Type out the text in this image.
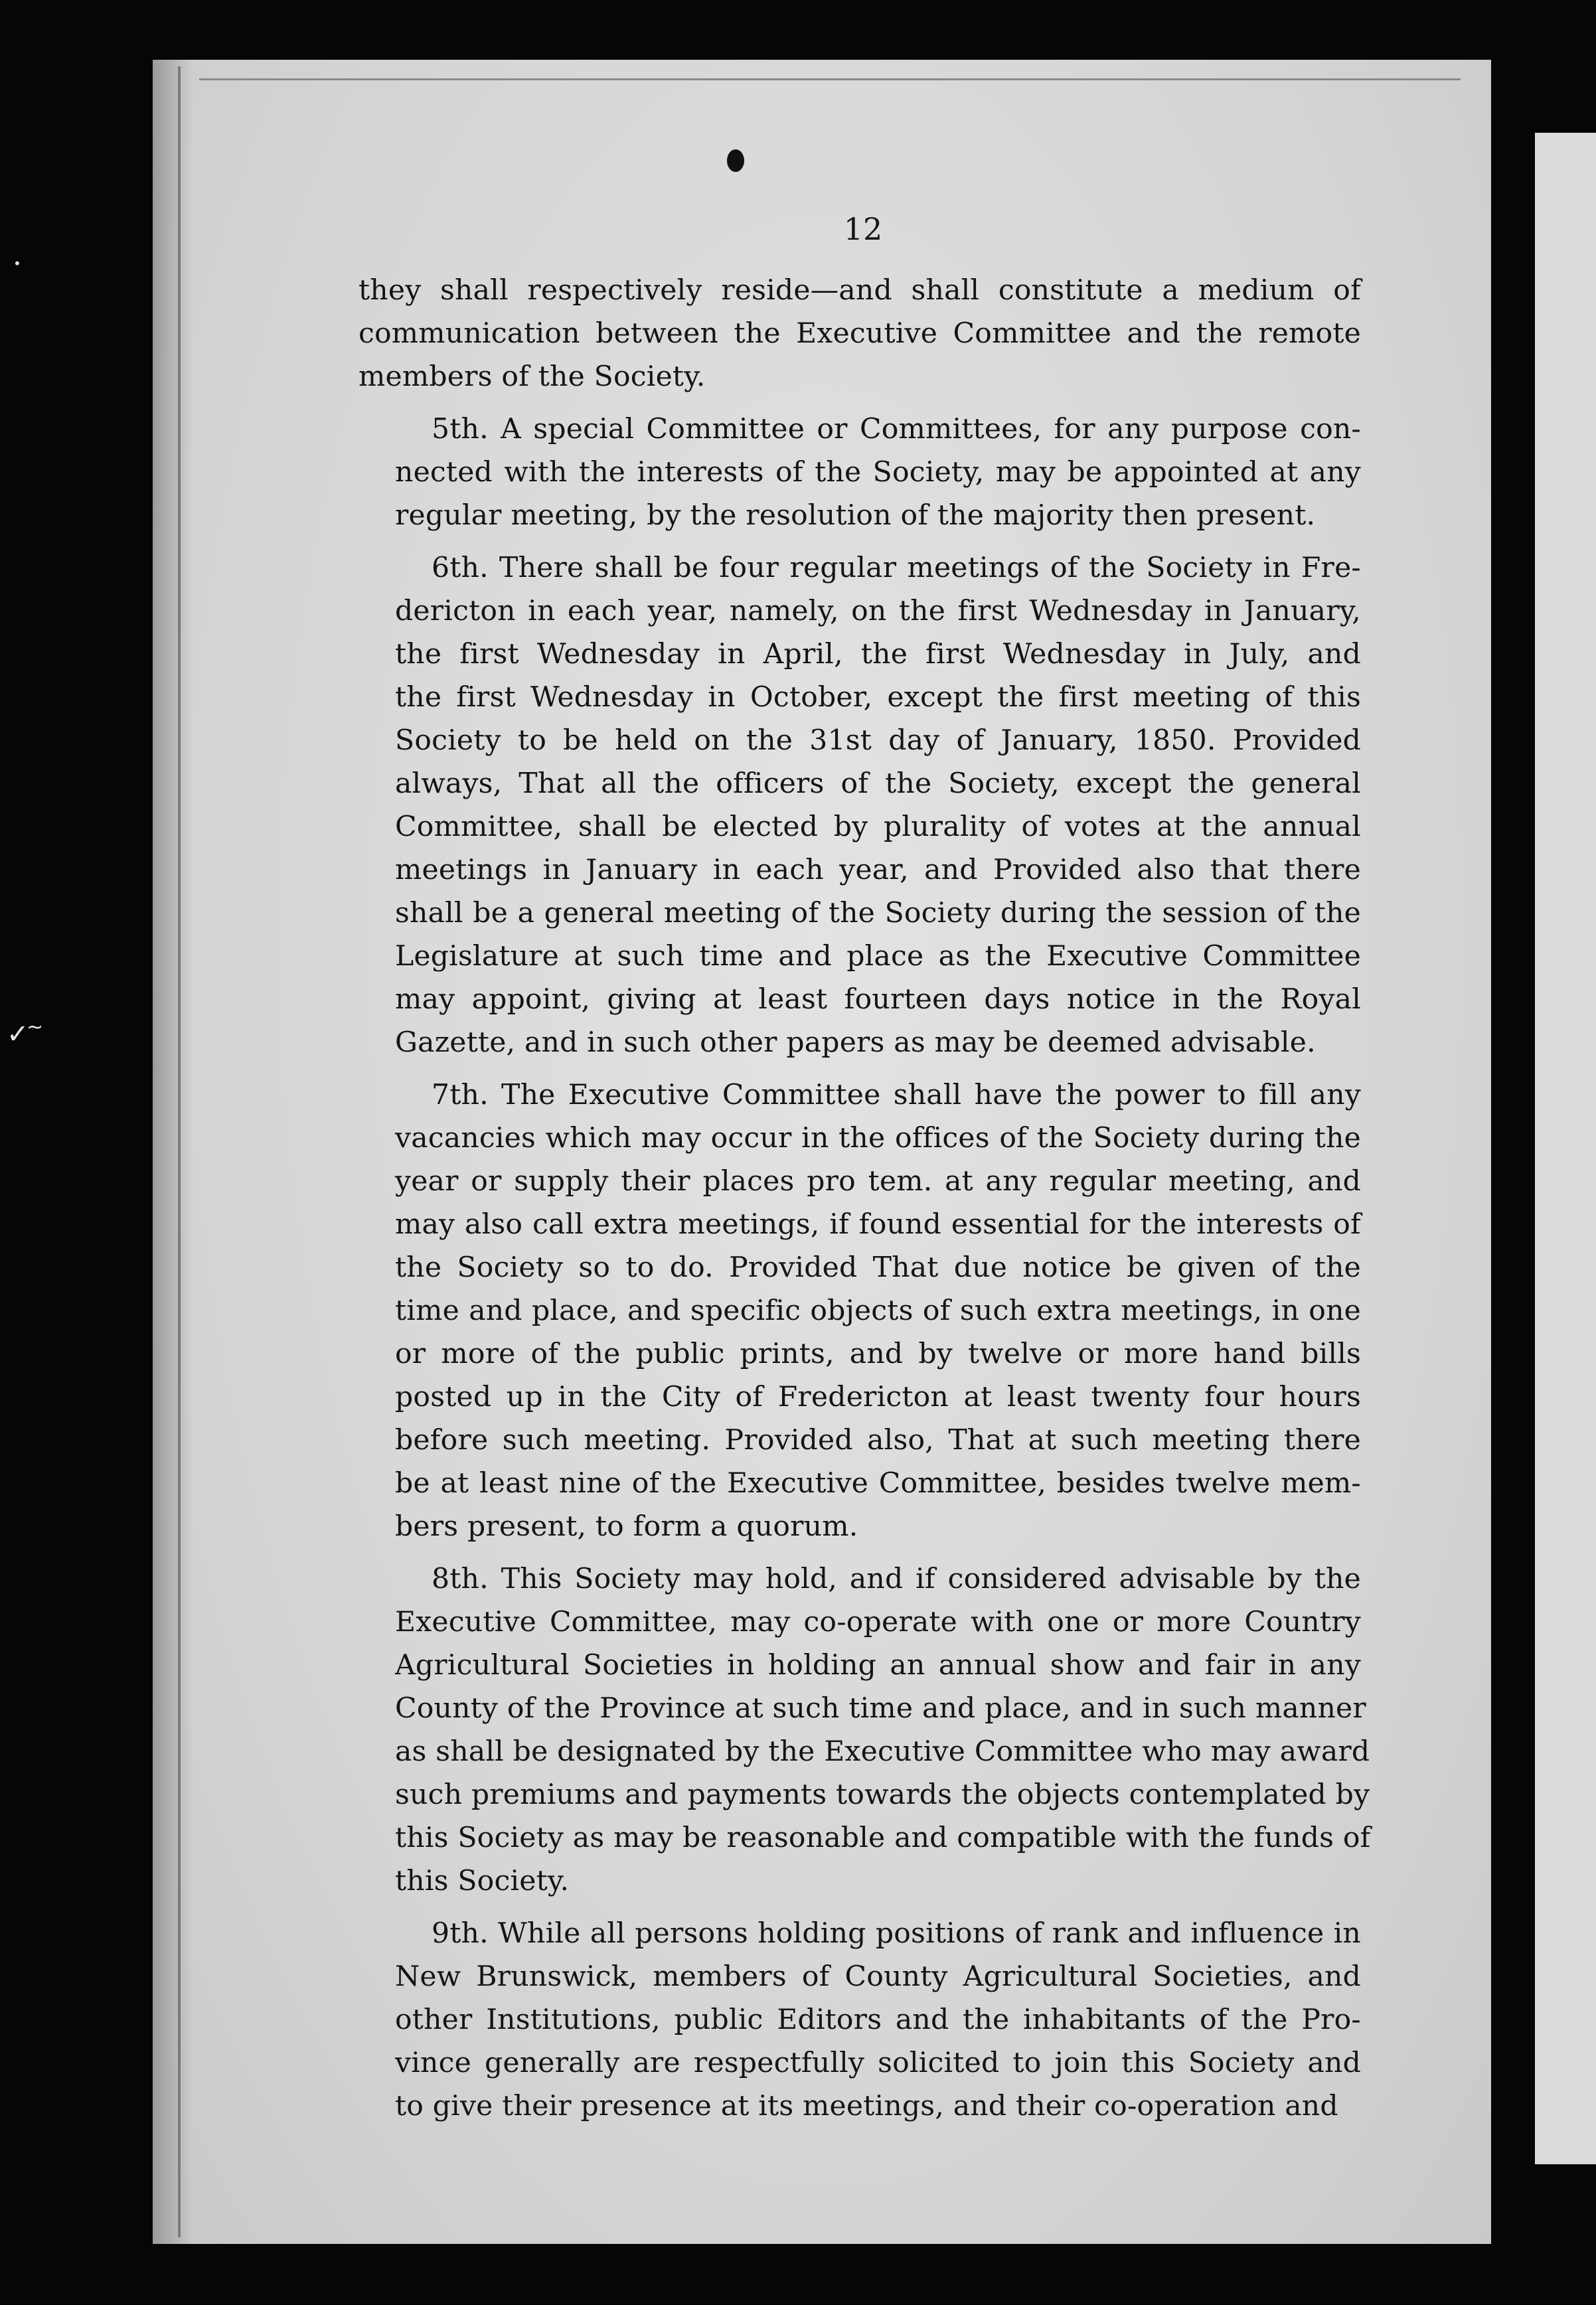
12
they shall respectively reside—and shall constitute a medium of
communication between the Executive Committee and the remote
members of the Society.
5th. A special Committee or Committees, for any purpose con-
nected with the interests of the Society, may be appointed at any
regular meeting, by the resolution of the majority then present.
6th. There shall be four regular meetings of the Society in Fre-
dericton in each year, namely, on the first Wednesday in January,
the first Wednesday in April, the first Wednesday in July, and
the first Wednesday in October, except the first meeting of this
Society to be held on the 31st day of January, 1850. Provided
always, That all the officers of the Society, except the general
Committee, shall be elected by plurality of votes at the annual
meetings in January in each year, and Provided also that there
shall be a general meeting of the Society during the session of the
Legislature at such time and place as the Executive Committee
may appoint, giving at least fourteen days notice in the Royal
Gazette, and in such other papers as may be deemed advisable.
7th. The Executive Committee shall have the power to fill any
vacancies which may occur in the offices of the Society during the
year or supply their places pro tem. at any regular meeting, and
may also call extra meetings, if found essential for the interests of
the Society so to do. Provided That due notice be given of the
time and place, and specific objects of such extra meetings, in one
or more of the public prints, and by twelve or more hand bills
posted up in the City of Fredericton at least twenty four hours
before such meeting. Provided also, That at such meeting there
be at least nine of the Executive Committee, besides twelve mem-
bers present, to form a quorum.
8th. This Society may hold, and if considered advisable by the
Executive Committee, may co-operate with one or more Country
Agricultural Societies in holding an annual show and fair in any
County of the Province at such time and place, and in such manner
as shall be designated by the Executive Committee who may award
such premiums and payments towards the objects contemplated by
this Society as may be reasonable and compatible with the funds of
this Society.
9th. While all persons holding positions of rank and influence in
New Brunswick, members of County Agricultural Societies, and
other Institutions, public Editors and the inhabitants of the Pro-
vince generally are respectfully solicited to join this Society and
to give their presence at its meetings, and their co-operation and
✓
•
~
